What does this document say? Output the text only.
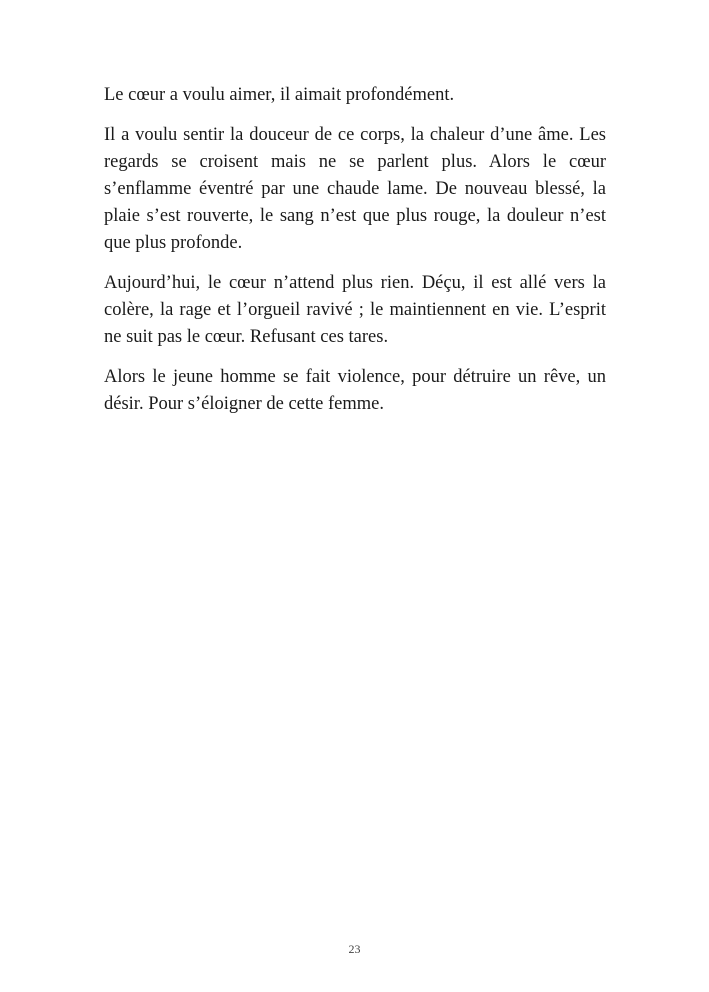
Le cœur a voulu aimer, il aimait profondément.

Il a voulu sentir la douceur de ce corps, la chaleur d’une âme. Les regards se croisent mais ne se parlent plus. Alors le cœur s’enflamme éventré par une chaude lame. De nouveau blessé, la plaie s’est rouverte, le sang n’est que plus rouge, la douleur n’est que plus profonde.

Aujourd’hui, le cœur n’attend plus rien. Déçu, il est allé vers la colère, la rage et l’orgueil ravivé ; le maintiennent en vie. L’esprit ne suit pas le cœur. Refusant ces tares.

Alors le jeune homme se fait violence, pour détruire un rêve, un désir. Pour s’éloigner de cette femme.

23
